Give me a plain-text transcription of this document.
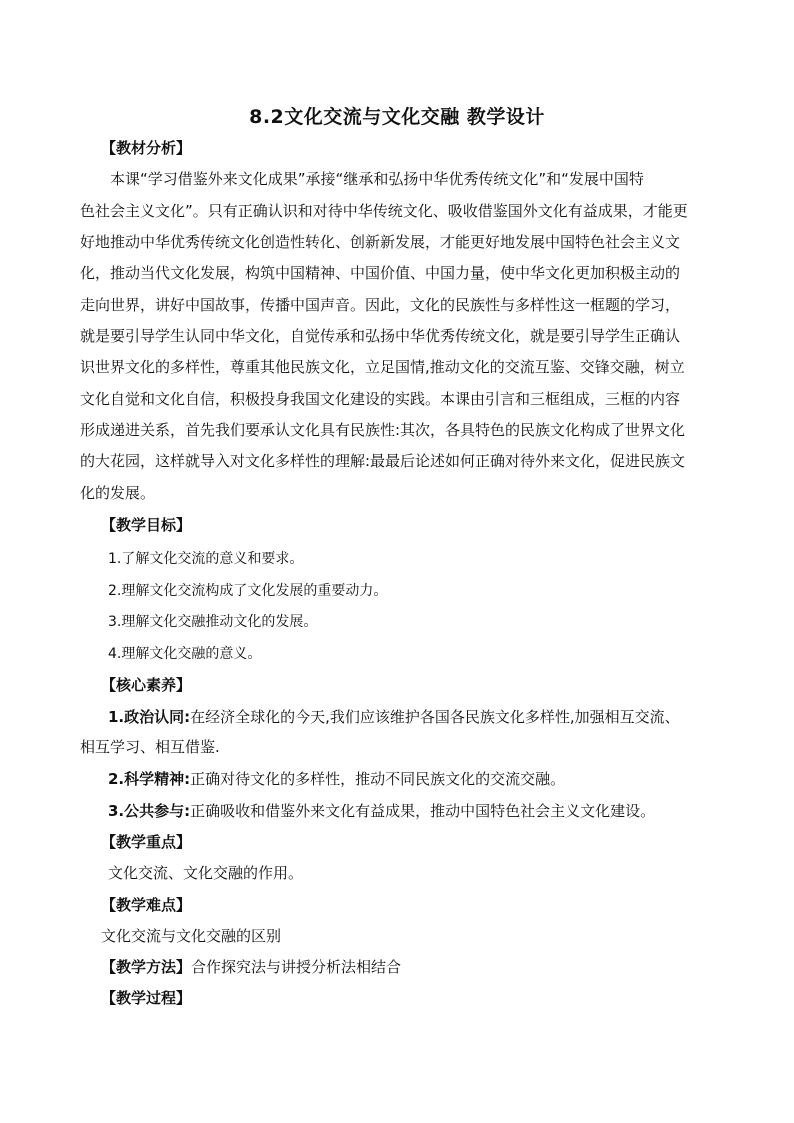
8.2文化交流与文化交融 教学设计
【教材分析】
本课“学习借鉴外来文化成果”承接“继承和弘扬中华优秀传统文化”和“发展中国特
色社会主义文化”。只有正确认识和对待中华传统文化、吸收借鉴国外文化有益成果，才能更
好地推动中华优秀传统文化创造性转化、创新新发展，才能更好地发展中国特色社会主义文
化，推动当代文化发展，构筑中国精神、中国价值、中国力量，使中华文化更加积极主动的
走向世界，讲好中国故事，传播中国声音。因此，文化的民族性与多样性这一框题的学习，
就是要引导学生认同中华文化，自觉传承和弘扬中华优秀传统文化，就是要引导学生正确认
识世界文化的多样性，尊重其他民族文化，立足国情,推动文化的交流互鉴、交锋交融，树立
文化自觉和文化自信，积极投身我国文化建设的实践。本课由引言和三框组成，三框的内容
形成递进关系，首先我们要承认文化具有民族性:其次，各具特色的民族文化构成了世界文化
的大花园，这样就导入对文化多样性的理解:最最后论述如何正确对待外来文化，促进民族文
化的发展。
【教学目标】
1.了解文化交流的意义和要求。
2.理解文化交流构成了文化发展的重要动力。
3.理解文化交融推动文化的发展。
4.理解文化交融的意义。
【核心素养】
1.政治认同:在经济全球化的今天,我们应该维护各国各民族文化多样性,加强相互交流、
相互学习、相互借鉴.
2.科学精神:正确对待文化的多样性，推动不同民族文化的交流交融。
3.公共参与:正确吸收和借鉴外来文化有益成果，推动中国特色社会主义文化建设。
【教学重点】
文化交流、文化交融的作用。
【教学难点】
文化交流与文化交融的区别
【教学方法】合作探究法与讲授分析法相结合
【教学过程】
